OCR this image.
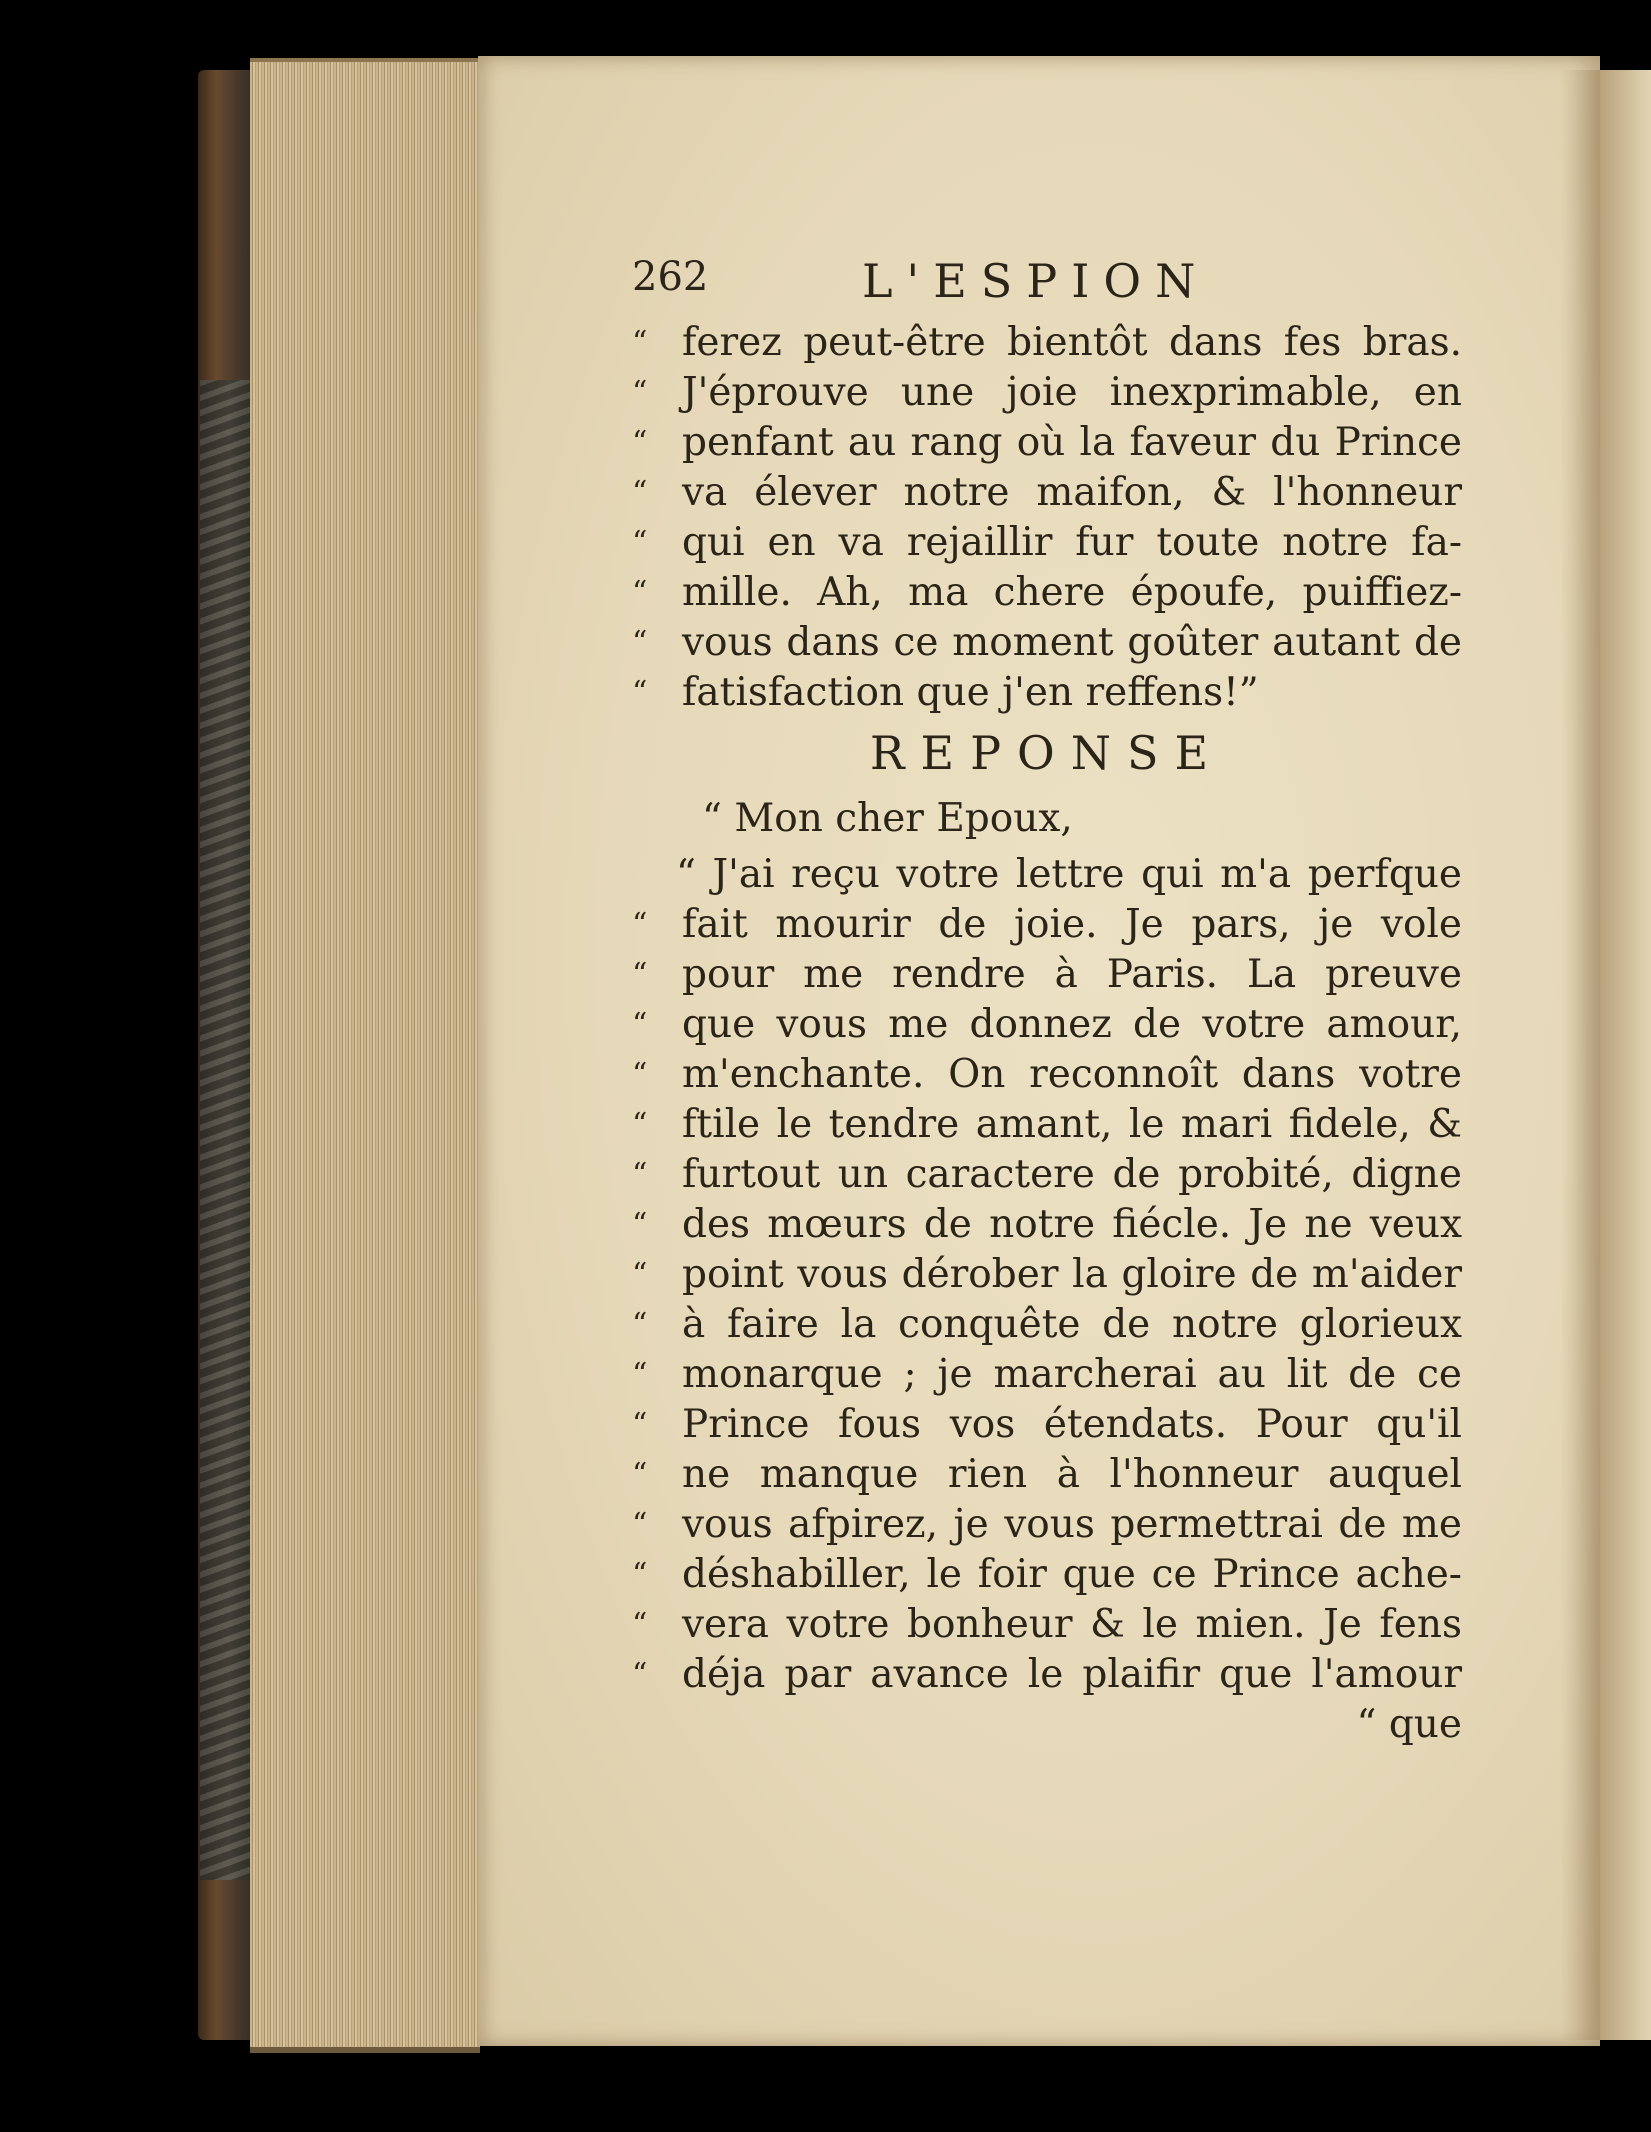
262	L'ESPION
“ ferez peut-être bientôt dans fes bras.
“ J'éprouve une joie inexprimable, en
“ penfant au rang où la faveur du Prince
“ va élever notre maifon, & l'honneur
“ qui en va rejaillir fur toute notre fa-
“ mille. Ah, ma chere époufe, puiffiez-
“ vous dans ce moment goûter autant de
“ fatisfaction que j'en reffens!”
REPONSE
“ Mon cher Epoux,
“ J'ai reçu votre lettre qui m'a perfque
“ fait mourir de joie. Je pars, je vole
“ pour me rendre à Paris. La preuve
“ que vous me donnez de votre amour,
“ m'enchante. On reconnoît dans votre
“ ftile le tendre amant, le mari fidele, &
“ furtout un caractere de probité, digne
“ des mœurs de notre fiécle. Je ne veux
“ point vous dérober la gloire de m'aider
“ à faire la conquête de notre glorieux
“ monarque ; je marcherai au lit de ce
“ Prince fous vos étendats. Pour qu'il
“ ne manque rien à l'honneur auquel
“ vous afpirez, je vous permettrai de me
“ déshabiller, le foir que ce Prince ache-
“ vera votre bonheur & le mien. Je fens
“ déja par avance le plaifir que l'amour
“ que
